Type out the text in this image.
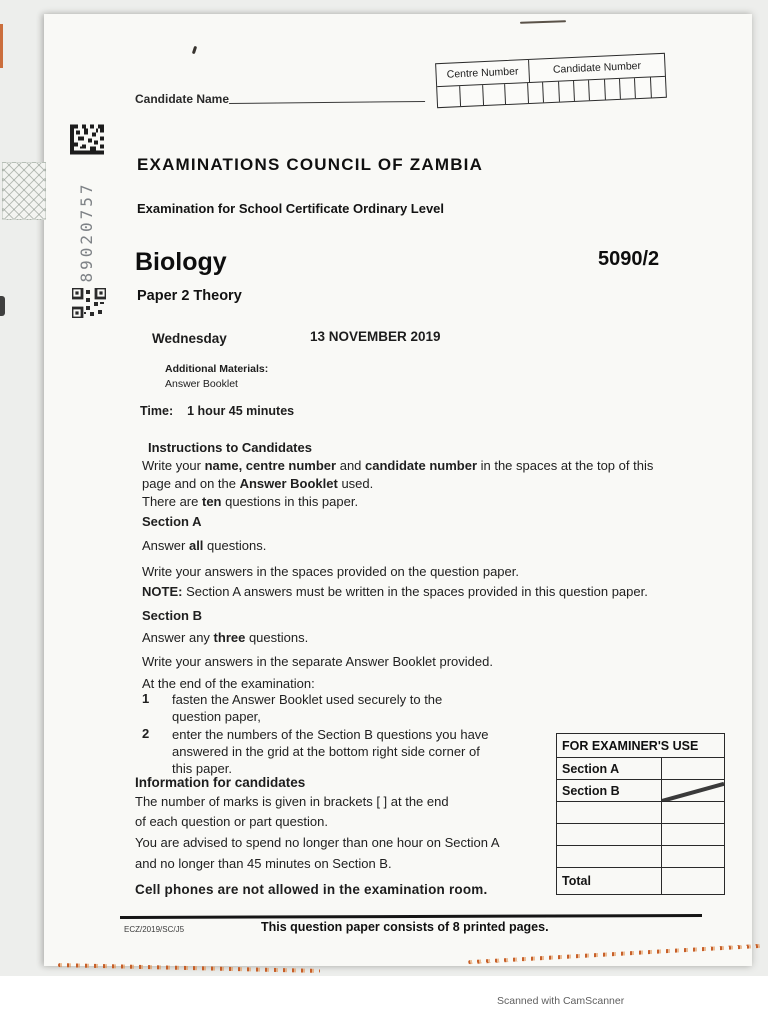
89020757
Candidate Name
Centre Number	Candidate Number
EXAMINATIONS COUNCIL OF ZAMBIA
Examination for School Certificate Ordinary Level
Biology	5090/2
Paper 2 Theory
Wednesday	13 NOVEMBER 2019
Additional Materials:
Answer Booklet
Time: 1 hour 45 minutes
Instructions to Candidates
Write your name, centre number and candidate number in the spaces at the top of this
page and on the Answer Booklet used.
There are ten questions in this paper.
Section A
Answer all questions.
Write your answers in the spaces provided on the question paper.
NOTE: Section A answers must be written in the spaces provided in this question paper.
Section B
Answer any three questions.
Write your answers in the separate Answer Booklet provided.
At the end of the examination:
1 fasten the Answer Booklet used securely to the
question paper,
2 enter the numbers of the Section B questions you have
answered in the grid at the bottom right side corner of
this paper.
Information for candidates
The number of marks is given in brackets [ ] at the end
of each question or part question.
You are advised to spend no longer than one hour on Section A
and no longer than 45 minutes on Section B.
Cell phones are not allowed in the examination room.
FOR EXAMINER'S USE
Section A
Section B
Total
ECZ/2019/SC/J5	This question paper consists of 8 printed pages.
Scanned with CamScanner
